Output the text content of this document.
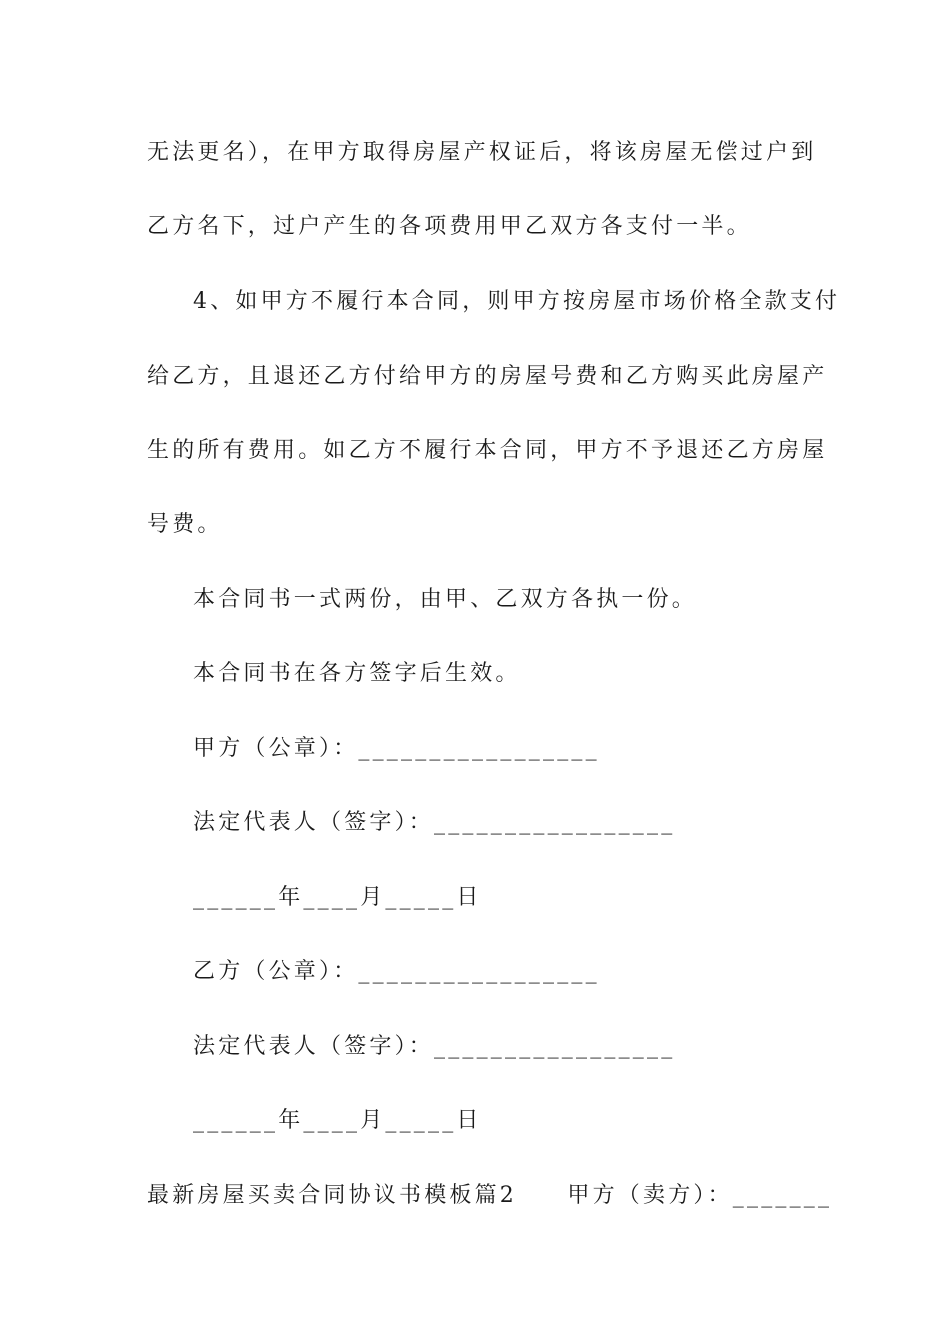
无法更名），在甲方取得房屋产权证后，将该房屋无偿过户到
乙方名下，过户产生的各项费用甲乙双方各支付一半。
4、如甲方不履行本合同，则甲方按房屋市场价格全款支付
给乙方，且退还乙方付给甲方的房屋号费和乙方购买此房屋产
生的所有费用。如乙方不履行本合同，甲方不予退还乙方房屋
号费。
本合同书一式两份，由甲、乙双方各执一份。
本合同书在各方签字后生效。
甲方（公章）：_________________
法定代表人（签字）：_________________
______年____月_____日
乙方（公章）：_________________
法定代表人（签字）：_________________
______年____月_____日
最新房屋买卖合同协议书模板篇2　　甲方（卖方）：_______
